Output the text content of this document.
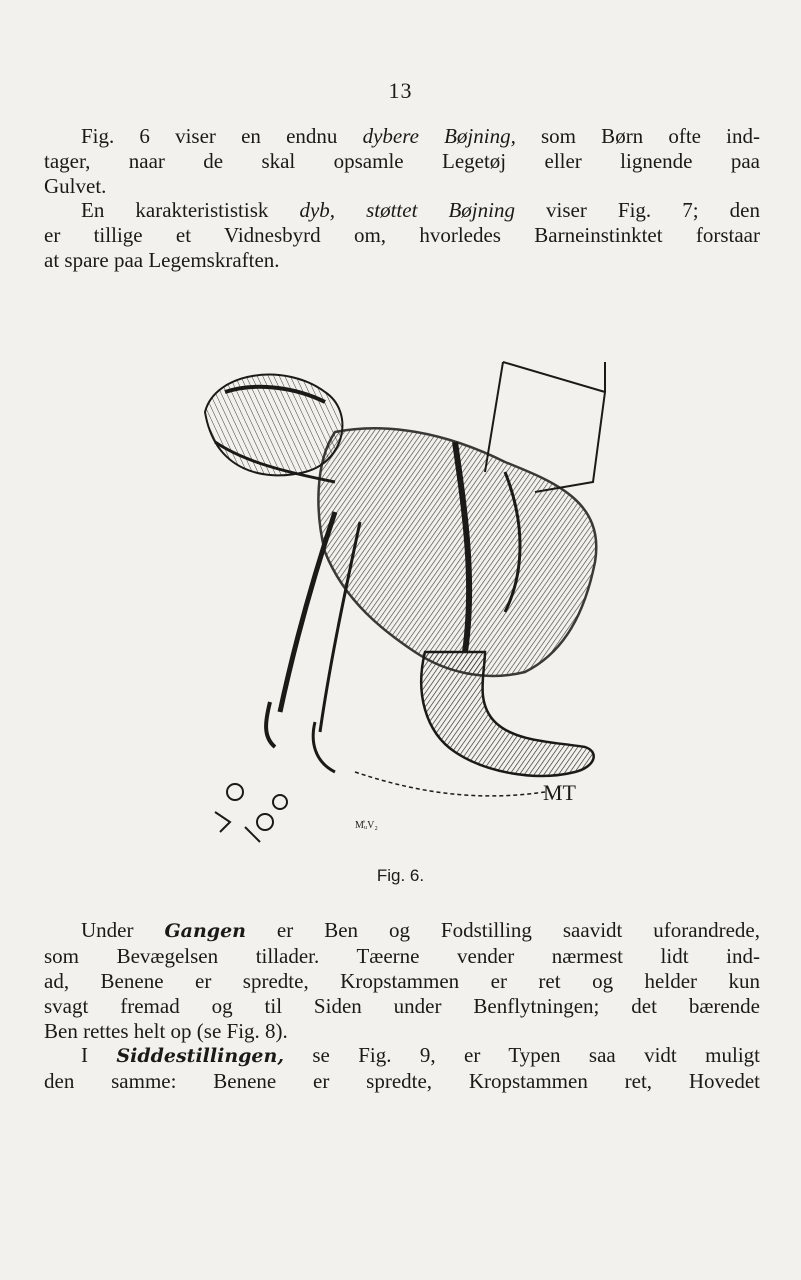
13
Fig. 6 viser en endnu dybere Bøjning, som Børn ofte ind-
tager, naar de skal opsamle Legetøj eller lignende paa
Gulvet.
En karakterististisk dyb, støttet Bøjning viser Fig. 7; den
er tillige et Vidnesbyrd om, hvorledes Barneinstinktet forstaar
at spare paa Legemskraften.
M̊ᵤV₂
MT
Fig. 6.
Under Gangen er Ben og Fodstilling saavidt uforandrede,
som Bevægelsen tillader. Tæerne vender nærmest lidt ind-
ad, Benene er spredte, Kropstammen er ret og helder kun
svagt fremad og til Siden under Benflytningen; det bærende
Ben rettes helt op (se Fig. 8).
I Siddestillingen, se Fig. 9, er Typen saa vidt muligt
den samme: Benene er spredte, Kropstammen ret, Hovedet
